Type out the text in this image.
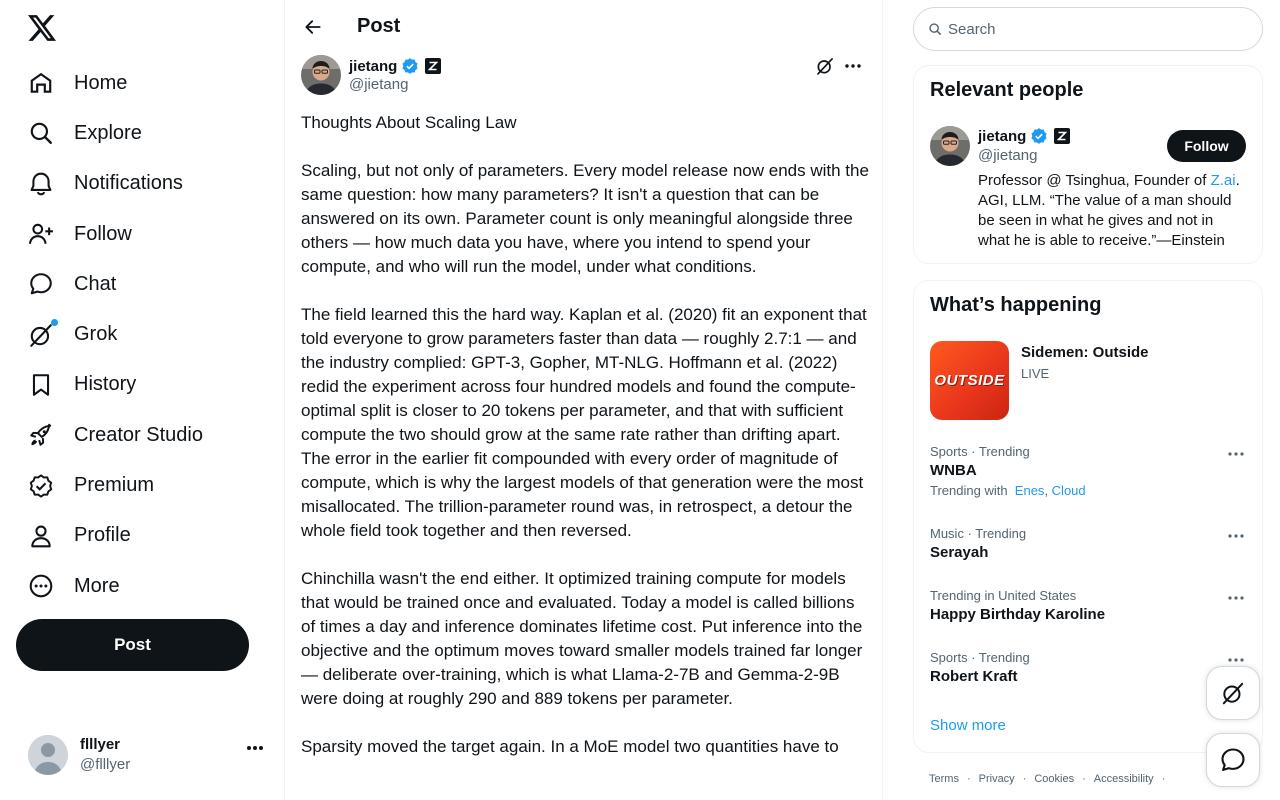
Home
Explore
Notifications
Follow
Chat
Grok
History
Creator Studio
Premium
Profile
More
Post
flllyer
@flllyer
Post
jietang
@jietang
Thoughts About Scaling Law

Scaling, but not only of parameters. Every model release now ends with the same question: how many parameters? It isn't a question that can be answered on its own. Parameter count is only meaningful alongside three others — how much data you have, where you intend to spend your compute, and who will run the model, under what conditions.

The field learned this the hard way. Kaplan et al. (2020) fit an exponent that told everyone to grow parameters faster than data — roughly 2.7:1 — and the industry complied: GPT-3, Gopher, MT-NLG. Hoffmann et al. (2022) redid the experiment across four hundred models and found the compute-optimal split is closer to 20 tokens per parameter, and that with sufficient compute the two should grow at the same rate rather than drifting apart. The error in the earlier fit compounded with every order of magnitude of compute, which is why the largest models of that generation were the most misallocated. The trillion-parameter round was, in retrospect, a detour the whole field took together and then reversed.

Chinchilla wasn't the end either. It optimized training compute for models that would be trained once and evaluated. Today a model is called billions of times a day and inference dominates lifetime cost. Put inference into the objective and the optimum moves toward smaller models trained far longer — deliberate over-training, which is what Llama-2-7B and Gemma-2-9B were doing at roughly 290 and 889 tokens per parameter.

Sparsity moved the target again. In a MoE model two quantities have to
Search
Relevant people
jietang
@jietang
Follow
Professor @ Tsinghua, Founder of Z.ai. AGI, LLM. “The value of a man should be seen in what he gives and not in what he is able to receive.”—Einstein
What’s happening
OUTSIDE
Sidemen: Outside
LIVE
Sports · Trending
WNBA
Trending with Enes, Cloud
Music · Trending
Serayah
Trending in United States
Happy Birthday Karoline
Sports · Trending
Robert Kraft
Show more
Terms · Privacy · Cookies · Accessibility ·
